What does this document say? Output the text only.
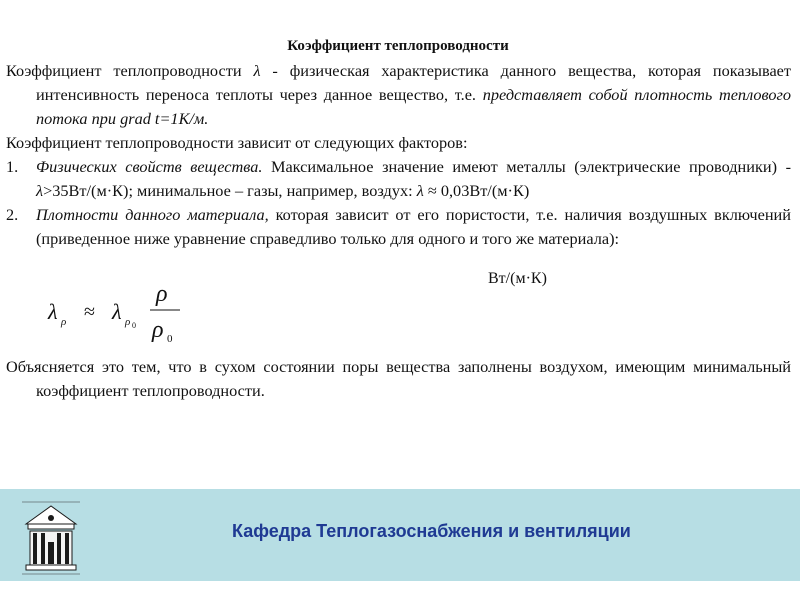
Коэффициент теплопроводности

Коэффициент теплопроводности λ - физическая характеристика данного вещества, которая показывает интенсивность переноса теплоты через данное вещество, т.е. представляет собой плотность теплового потока при grad t=1К/м.

Коэффициент теплопроводности зависит от следующих факторов:

1. Физических свойств вещества. Максимальное значение имеют металлы (электрические проводники) - λ>35Вт/(м·К); минимальное – газы, например, воздух: λ ≈ 0,03Вт/(м·К)

2. Плотности данного материала, которая зависит от его пористости, т.е. наличия воздушных включений (приведенное ниже уравнение справедливо только для одного и того же материала):

λ ρ ≈ λ ρ 0
ρ
ρ 0
Вт/(м·К)

Объясняется это тем, что в сухом состоянии поры вещества заполнены воздухом, имеющим минимальный коэффициент теплопроводности.

Кафедра Теплогазоснабжения и вентиляции
